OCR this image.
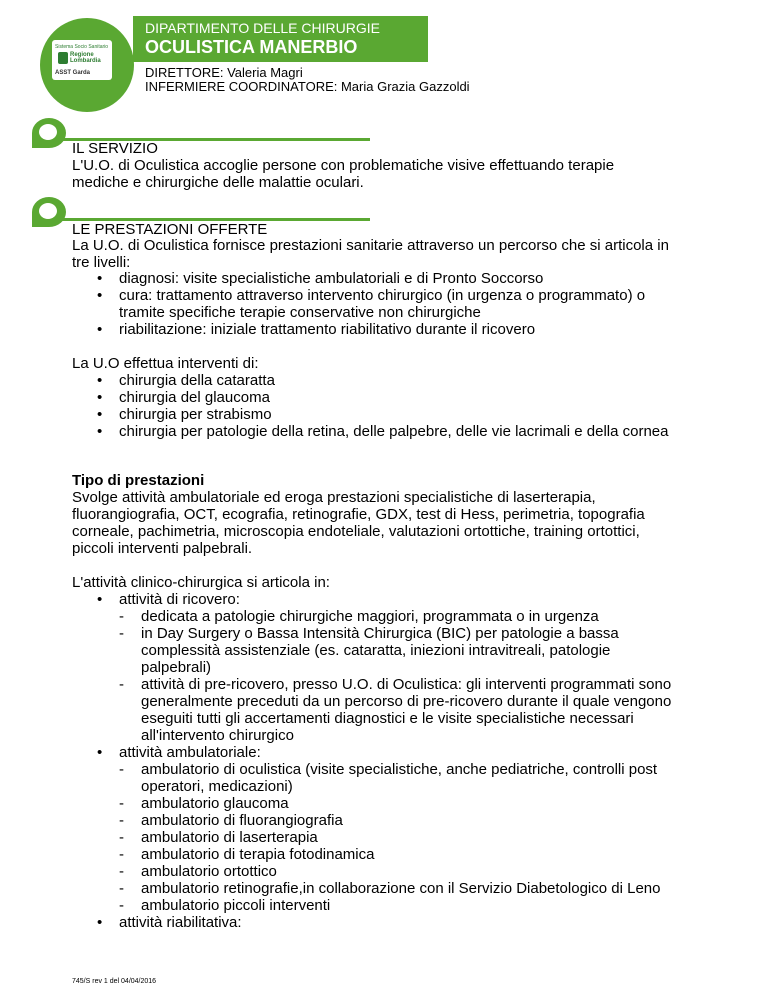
Sistema Socio Sanitario
Regione
Lombardia
ASST Garda
DIPARTIMENTO DELLE CHIRURGIE
OCULISTICA MANERBIO
DIRETTORE: Valeria Magri
INFERMIERE COORDINATORE: Maria Grazia Gazzoldi
IL SERVIZIO
L'U.O. di Oculistica accoglie persone con problematiche visive effettuando terapie
mediche e chirurgiche delle malattie oculari.
LE PRESTAZIONI OFFERTE
La U.O. di Oculistica fornisce prestazioni sanitarie attraverso un percorso che si articola in
tre livelli:
• diagnosi: visite specialistiche ambulatoriali e di Pronto Soccorso
• cura: trattamento attraverso intervento chirurgico (in urgenza o programmato) o
tramite specifiche terapie conservative non chirurgiche
• riabilitazione: iniziale trattamento riabilitativo durante il ricovero
La U.O effettua interventi di:
• chirurgia della cataratta
• chirurgia del glaucoma
• chirurgia per strabismo
• chirurgia per patologie della retina, delle palpebre, delle vie lacrimali e della cornea
Tipo di prestazioni
Svolge attività ambulatoriale ed eroga prestazioni specialistiche di laserterapia,
fluorangiografia, OCT, ecografia, retinografie, GDX, test di Hess, perimetria, topografia
corneale, pachimetria, microscopia endoteliale, valutazioni ortottiche, training ortottici,
piccoli interventi palpebrali.
L'attività clinico-chirurgica si articola in:
• attività di ricovero:
- dedicata a patologie chirurgiche maggiori, programmata o in urgenza
- in Day Surgery o Bassa Intensità Chirurgica (BIC) per patologie a bassa
complessità assistenziale (es. cataratta, iniezioni intravitreali, patologie
palpebrali)
- attività di pre-ricovero, presso U.O. di Oculistica: gli interventi programmati sono
generalmente preceduti da un percorso di pre-ricovero durante il quale vengono
eseguiti tutti gli accertamenti diagnostici e le visite specialistiche necessari
all'intervento chirurgico
• attività ambulatoriale:
- ambulatorio di oculistica (visite specialistiche, anche pediatriche, controlli post
operatori, medicazioni)
- ambulatorio glaucoma
- ambulatorio di fluorangiografia
- ambulatorio di laserterapia
- ambulatorio di terapia fotodinamica
- ambulatorio ortottico
- ambulatorio retinografie,in collaborazione con il Servizio Diabetologico di Leno
- ambulatorio piccoli interventi
• attività riabilitativa:
745/S rev 1 del 04/04/2016
